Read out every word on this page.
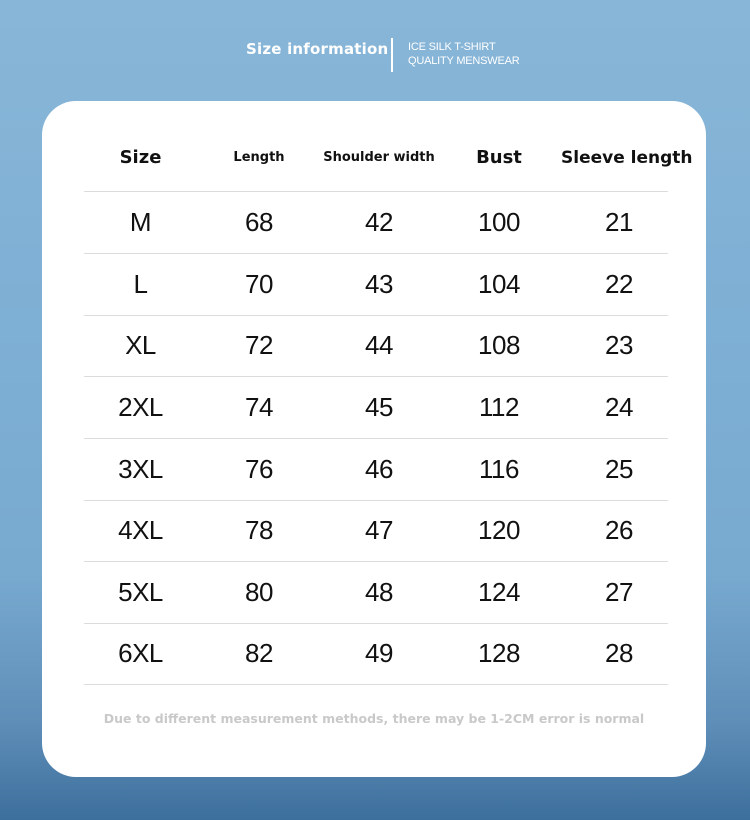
Size information ICE SILK T-SHIRT
QUALITY MENSWEAR
Size	Length	Shoulder width	Bust	Sleeve length
M	68	42	100	21
L	70	43	104	22
XL	72	44	108	23
2XL	74	45	112	24
3XL	76	46	116	25
4XL	78	47	120	26
5XL	80	48	124	27
6XL	82	49	128	28
Due to different measurement methods, there may be 1-2CM error is normal
